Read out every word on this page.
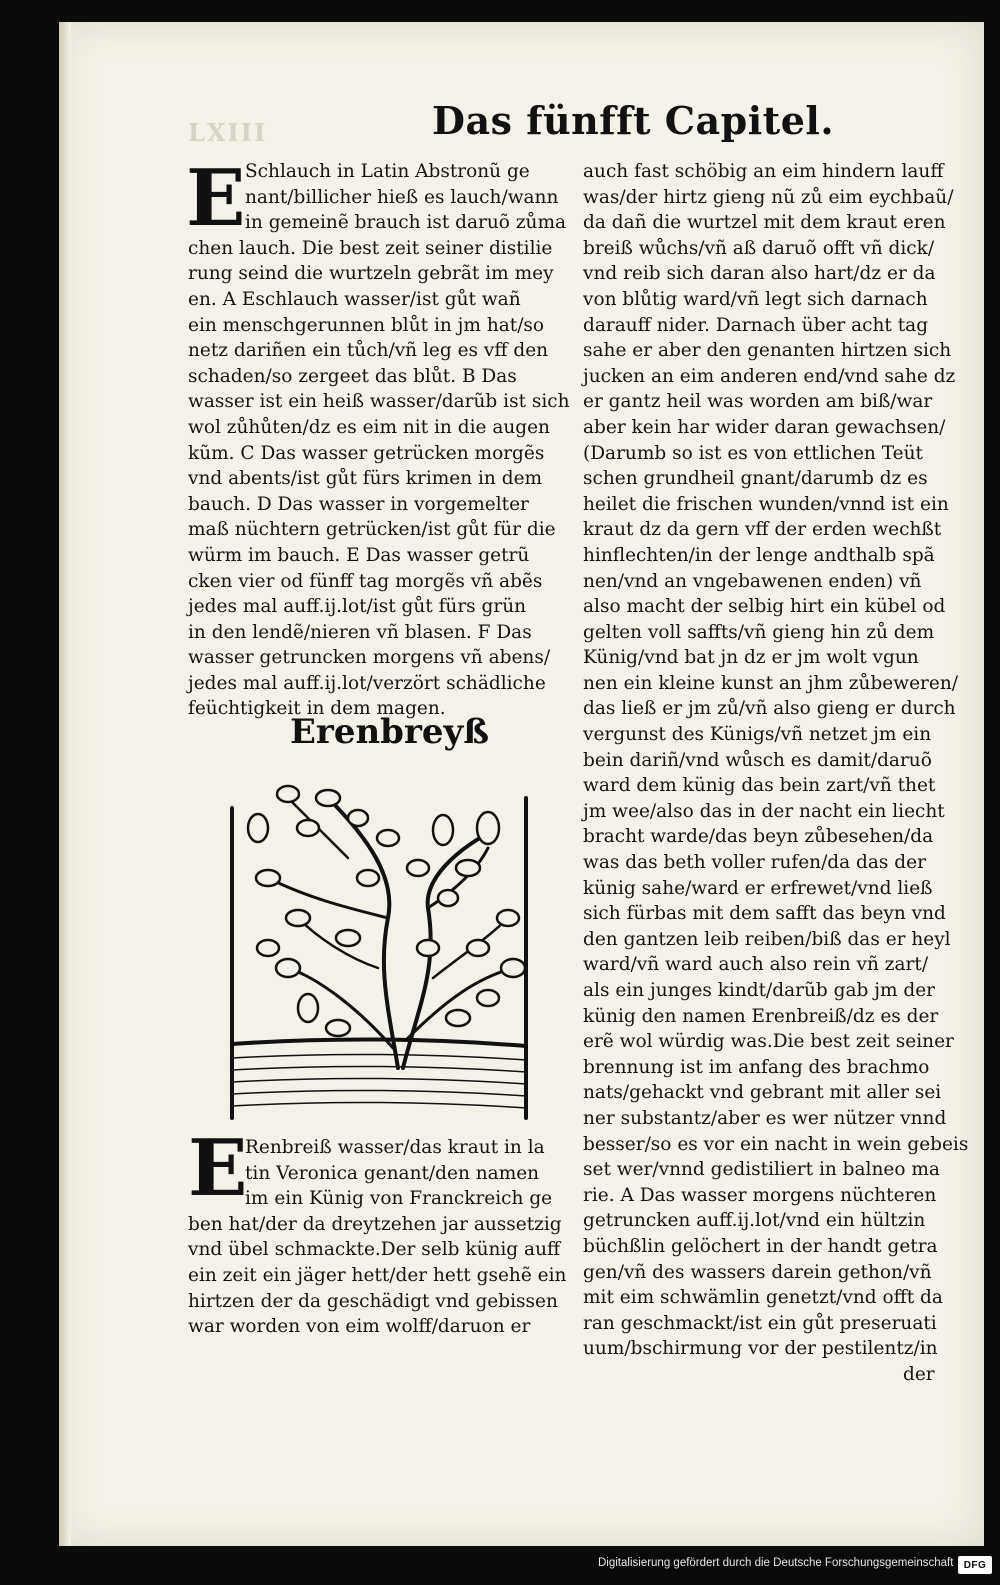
LXIII	Das fünfft Capitel.
E Schlauch in Latin Abstronũ ge
nant/billicher hieß es lauch/wann
in gemeinẽ brauch ist daruõ zůma
chen lauch. Die best zeit seiner distilie
rung seind die wurtzeln gebrãt im mey
en. A Eschlauch wasser/ist gůt wañ
ein menschgerunnen blůt in jm hat/so
netz dariñen ein tůch/vñ leg es vff den
schaden/so zergeet das blůt. B Das
wasser ist ein heiß wasser/darũb ist sich
wol zůhůten/dz es eim nit in die augen
kũm. C Das wasser getrücken morgẽs
vnd abents/ist gůt fürs krimen in dem
bauch. D Das wasser in vorgemelter
maß nüchtern getrücken/ist gůt für die
würm im bauch. E Das wasser getrũ
cken vier od fünff tag morgẽs vñ abẽs
jedes mal auff.ij.lot/ist gůt fürs grün
in den lendẽ/nieren vñ blasen. F Das
wasser getruncken morgens vñ abens/
jedes mal auff.ij.lot/verzört schädliche
feüchtigkeit in dem magen.
Erenbreyß
E
Renbreiß wasser/das kraut in la
tin Veronica genant/den namen
im ein Künig von Franckreich ge
ben hat/der da dreytzehen jar aussetzig
vnd übel schmackte.Der selb künig auff
ein zeit ein jäger hett/der hett gsehẽ ein
hirtzen der da geschädigt vnd gebissen
war worden von eim wolff/daruon er
auch fast schöbig an eim hindern lauff
was/der hirtz gieng nũ zů eim eychbaũ/
da dañ die wurtzel mit dem kraut eren
breiß wůchs/vñ aß daruõ offt vñ dick/
vnd reib sich daran also hart/dz er da
von blůtig ward/vñ legt sich darnach
darauff nider. Darnach über acht tag
sahe er aber den genanten hirtzen sich
jucken an eim anderen end/vnd sahe dz
er gantz heil was worden am biß/war
aber kein har wider daran gewachsen/
(Darumb so ist es von ettlichen Teüt
schen grundheil gnant/darumb dz es
heilet die frischen wunden/vnnd ist ein
kraut dz da gern vff der erden wechßt
hinflechten/in der lenge andthalb spã
nen/vnd an vngebawenen enden) vñ
also macht der selbig hirt ein kübel od
gelten voll saffts/vñ gieng hin zů dem
Künig/vnd bat jn dz er jm wolt vgun
nen ein kleine kunst an jhm zůbeweren/
das ließ er jm zů/vñ also gieng er durch
vergunst des Künigs/vñ netzet jm ein
bein dariñ/vnd wůsch es damit/daruõ
ward dem künig das bein zart/vñ thet
jm wee/also das in der nacht ein liecht
bracht warde/das beyn zůbesehen/da
was das beth voller rufen/da das der
künig sahe/ward er erfrewet/vnd ließ
sich fürbas mit dem safft das beyn vnd
den gantzen leib reiben/biß das er heyl
ward/vñ ward auch also rein vñ zart/
als ein junges kindt/darũb gab jm der
künig den namen Erenbreiß/dz es der
erẽ wol würdig was.Die best zeit seiner
brennung ist im anfang des brachmo
nats/gehackt vnd gebrant mit aller sei
ner substantz/aber es wer nützer vnnd
besser/so es vor ein nacht in wein gebeis
set wer/vnnd gedistiliert in balneo ma
rie. A Das wasser morgens nüchteren
getruncken auff.ij.lot/vnd ein hültzin
büchßlin gelöchert in der handt getra
gen/vñ des wassers darein gethon/vñ
mit eim schwämlin genetzt/vnd offt da
ran geschmackt/ist ein gůt preseruati
uum/bschirmung vor der pestilentz/in
der
Digitalisierung gefördert durch die Deutsche Forschungsgemeinschaft	DFG
